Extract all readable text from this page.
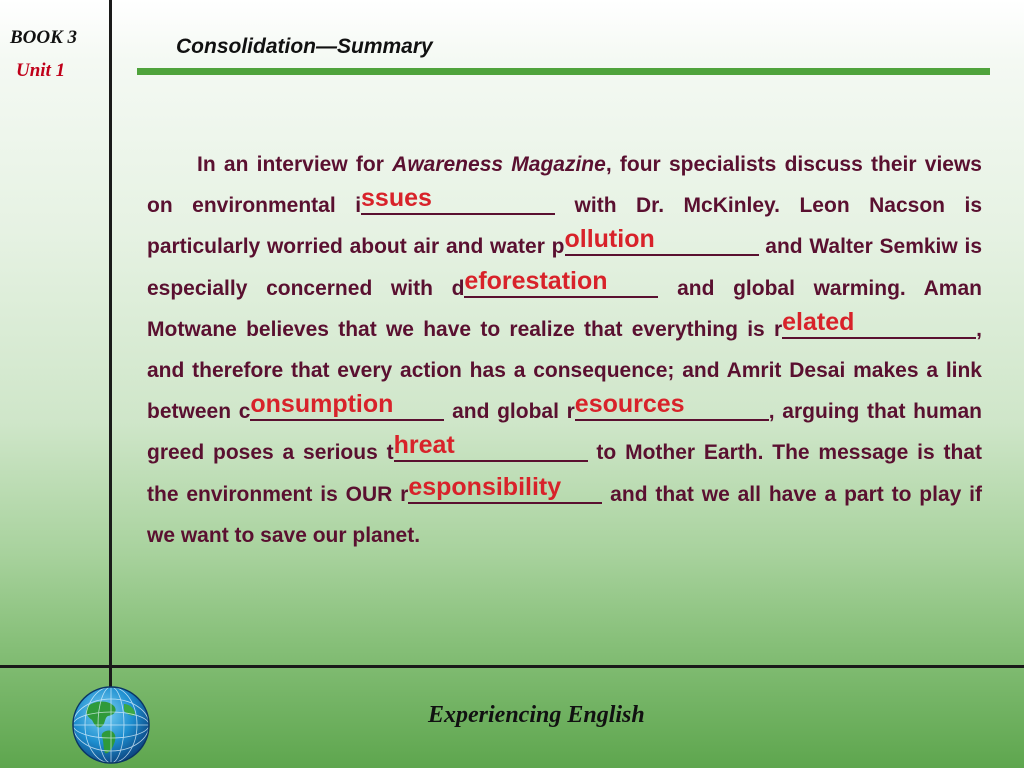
BOOK 3
Unit 1
Consolidation—Summary

In an interview for Awareness Magazine, four specialists discuss their views on environmental i ssues	with Dr. McKinley. Leon Nacson is particularly worried about air and water p ollution	and Walter Semkiw is especially concerned with d eforestation and global warming. Aman Motwane believes that we have to realize that everything is r elated	, and therefore that every action has a consequence; and Amrit Desai makes a link between c onsumption and global r esources	, arguing that human greed poses a serious t hreat	to Mother Earth. The message is that the environment is OUR r esponsibility and that we all have a part to play if we want to save our planet.

Experiencing English
